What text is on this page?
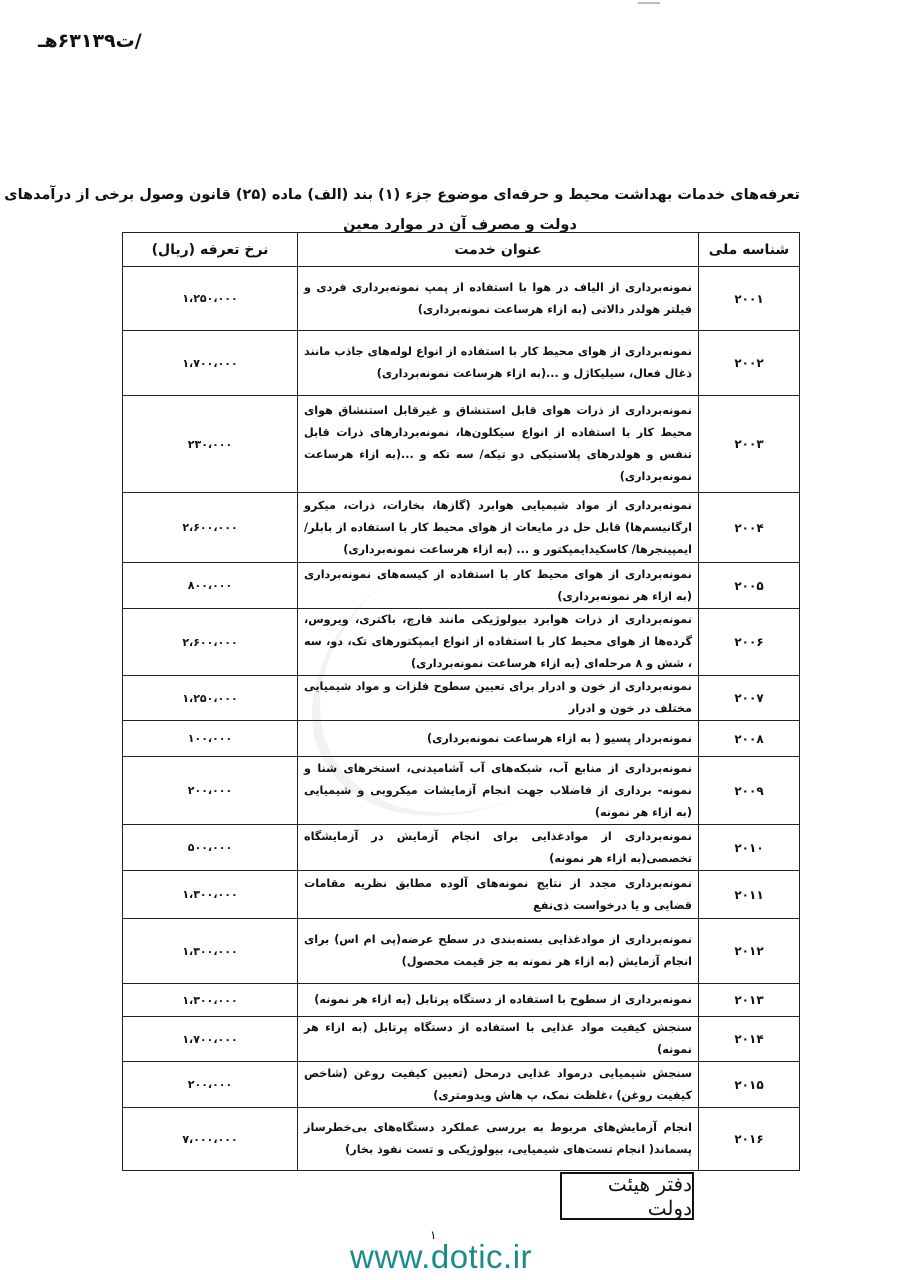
/ت۶۳۱۳۹هـ
تعرفه‌های خدمات بهداشت محیط و حرفه‌ای موضوع جزء (۱) بند (الف) ماده (۲۵) قانون وصول برخی از درآمدهای
دولت و مصرف آن در موارد معین
شناسه ملی	عنوان خدمت	نرخ تعرفه (ریال)
۲۰۰۱	نمونه‌برداری از الیاف در هوا با استفاده از پمپ نمونه‌برداری فردی و فیلتر هولدر دالاتی (به ازاء هرساعت نمونه‌برداری)	۱،۲۵۰،۰۰۰
۲۰۰۲	نمونه‌برداری از هوای محیط کار با استفاده از انواع لوله‌های جاذب مانند ذغال فعال، سیلیکاژل و ...(به ازاء هرساعت نمونه‌برداری)	۱،۷۰۰،۰۰۰
۲۰۰۳	نمونه‌برداری از ذرات هوای قابل استنشاق و غیرقابل استنشاق هوای محیط کار با استفاده از انواع سیکلون‌ها، نمونه‌بردارهای ذرات قابل تنفس و هولدرهای پلاستیکی دو تیکه/ سه تکه و ...(به ازاء هرساعت نمونه‌برداری)	۲۳۰،۰۰۰
۲۰۰۴	نمونه‌برداری از مواد شیمیایی هوابرد (گازها، بخارات، ذرات، میکرو ارگانیسم‌ها) قابل حل در مایعات از هوای محیط کار با استفاده از بابلر/ ایمپینجرها/ کاسکیدایمپکتور و ... (به ازاء هرساعت نمونه‌برداری)	۲،۶۰۰،۰۰۰
۲۰۰۵	نمونه‌برداری از هوای محیط کار با استفاده از کیسه‌های نمونه‌برداری (به ازاء هر نمونه‌برداری)	۸۰۰،۰۰۰
۲۰۰۶	نمونه‌برداری از ذرات هوابرد بیولوژیکی مانند قارچ، باکتری، ویروس، گرده‌ها از هوای محیط کار با استفاده از انواع ایمپکتورهای تک، دو، سه ، شش و ۸ مرحله‌ای (به ازاء هرساعت نمونه‌برداری)	۲،۶۰۰،۰۰۰
۲۰۰۷	نمونه‌برداری از خون و ادرار برای تعیین سطوح فلزات و مواد شیمیایی مختلف در خون و ادرار	۱،۲۵۰،۰۰۰
۲۰۰۸	نمونه‌بردار پسیو ( به ازاء هرساعت نمونه‌برداری)	۱۰۰،۰۰۰
۲۰۰۹	نمونه‌برداری از منابع آب، شبکه‌های آب آشامیدنی، استخرهای شنا و نمونه- برداری از فاضلاب جهت انجام آزمایشات میکروبی و شیمیایی (به ازاء هر نمونه)	۲۰۰،۰۰۰
۲۰۱۰	نمونه‌برداری از موادغذایی برای انجام آزمایش در آزمایشگاه تخصصی(به ازاء هر نمونه)	۵۰۰،۰۰۰
۲۰۱۱	نمونه‌برداری مجدد از نتایج نمونه‌های آلوده مطابق نظریه مقامات قضایی و یا درخواست ذی‌نفع	۱،۳۰۰،۰۰۰
۲۰۱۲	نمونه‌برداری از موادغذایی بسته‌بندی در سطح عرضه(پی ام اس) برای انجام آزمایش (به ازاء هر نمونه به جز قیمت محصول)	۱،۳۰۰،۰۰۰
۲۰۱۳	نمونه‌برداری از سطوح با استفاده از دستگاه پرتابل (به ازاء هر نمونه)	۱،۳۰۰،۰۰۰
۲۰۱۴	سنجش کیفیت مواد غذایی با استفاده از دستگاه پرتابل (به ازاء هر نمونه)	۱،۷۰۰،۰۰۰
۲۰۱۵	سنجش شیمیایی درمواد غذایی درمحل (تعیین کیفیت روغن (شاخص کیفیت روغن) ،غلظت نمک، پ هاش ویدومتری)	۲۰۰،۰۰۰
۲۰۱۶	انجام آزمایش‌های مربوط به بررسی عملکرد دستگاه‌های بی‌خطرساز پسماند( انجام تست‌های شیمیایی، بیولوژیکی و تست نفوذ بخار)	۷،۰۰۰،۰۰۰
دفتر هیئت دولت
۱
www.dotic.ir
